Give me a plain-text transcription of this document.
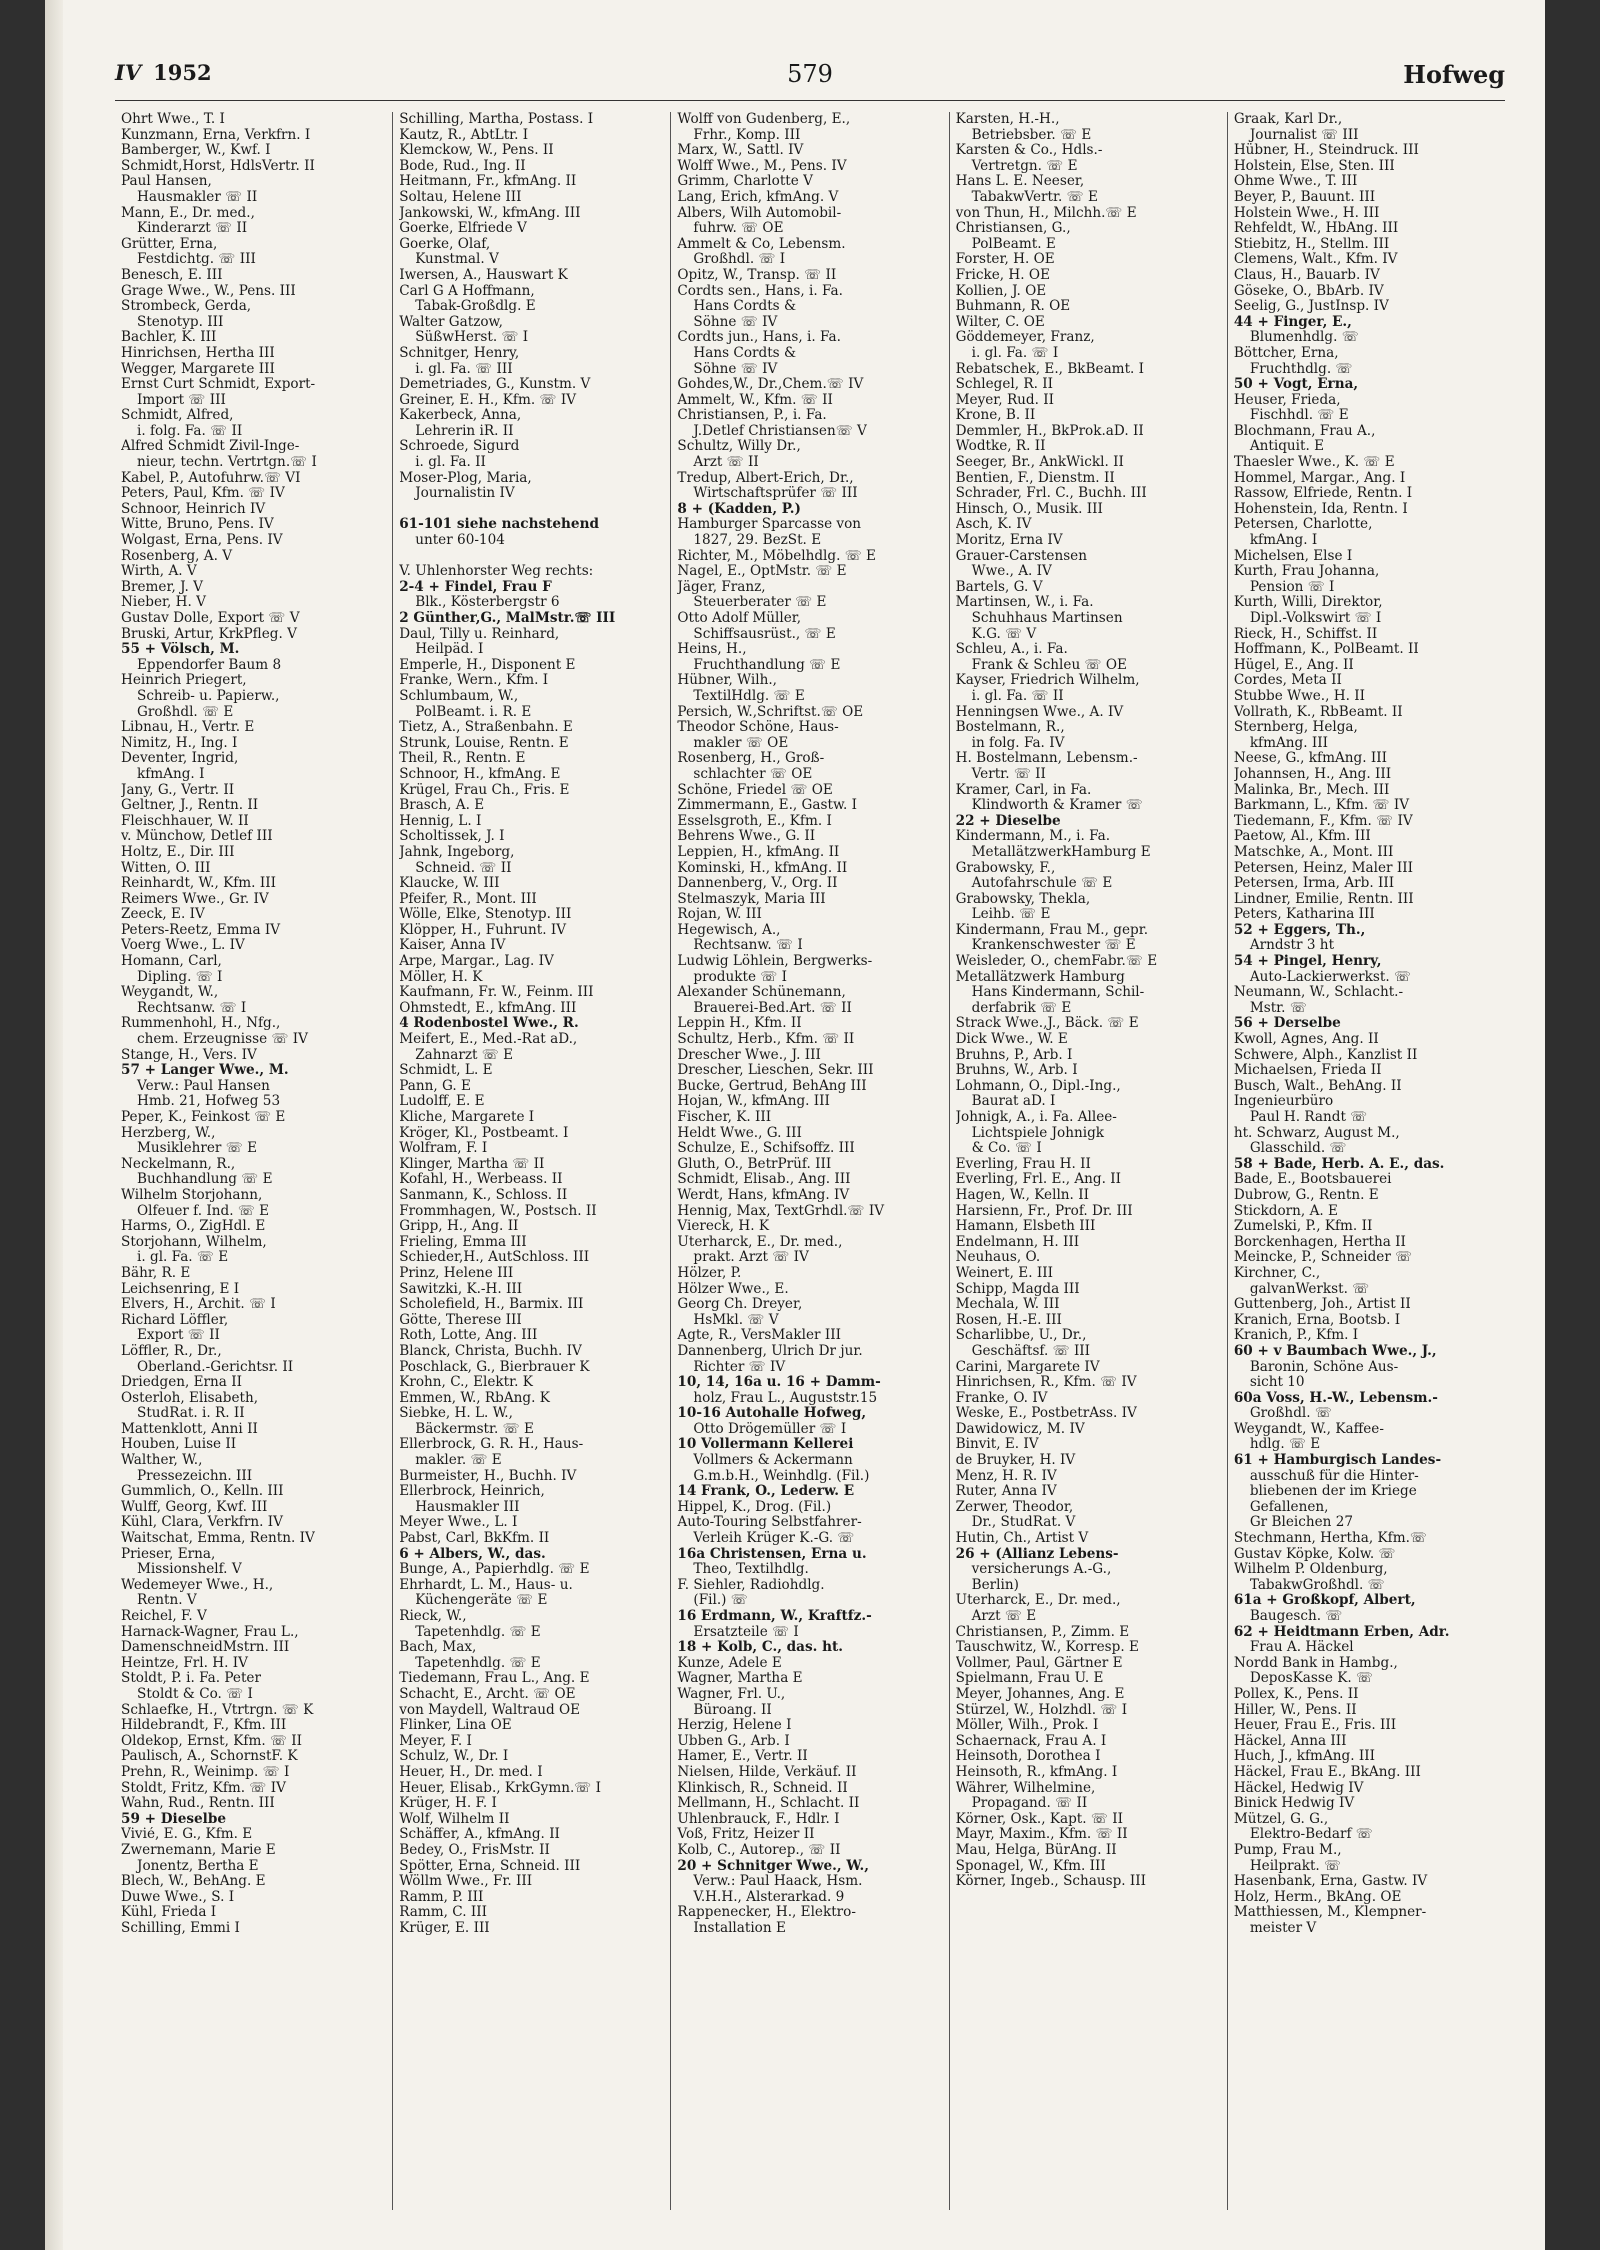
IV 1952	579	Hofweg
Ohrt Wwe., T. I
Kunzmann, Erna, Verkfrn. I
Bamberger, W., Kwf. I
Schmidt,Horst, HdlsVertr. II
Paul Hansen,
Hausmakler ☏ II
Mann, E., Dr. med.,
Kinderarzt ☏ II
Grütter, Erna,
Festdichtg. ☏ III
Benesch, E. III
Grage Wwe., W., Pens. III
Strombeck, Gerda,
Stenotyp. III
Bachler, K. III
Hinrichsen, Hertha III
Wegger, Margarete III
Ernst Curt Schmidt, Export-
Import ☏ III
Schmidt, Alfred,
i. folg. Fa. ☏ II
Alfred Schmidt Zivil-Inge-
nieur, techn. Vertrtgn.☏ I
Kabel, P., Autofuhrw.☏ VI
Peters, Paul, Kfm. ☏ IV
Schnoor, Heinrich IV
Witte, Bruno, Pens. IV
Wolgast, Erna, Pens. IV
Rosenberg, A. V
Wirth, A. V
Bremer, J. V
Nieber, H. V
Gustav Dolle, Export ☏ V
Bruski, Artur, KrkPfleg. V
55 + Völsch, M.
Eppendorfer Baum 8
Heinrich Priegert,
Schreib- u. Papierw.,
Großhdl. ☏ E
Libnau, H., Vertr. E
Nimitz, H., Ing. I
Deventer, Ingrid,
kfmAng. I
Jany, G., Vertr. II
Geltner, J., Rentn. II
Fleischhauer, W. II
v. Münchow, Detlef III
Holtz, E., Dir. III
Witten, O. III
Reinhardt, W., Kfm. III
Reimers Wwe., Gr. IV
Zeeck, E. IV
Peters-Reetz, Emma IV
Voerg Wwe., L. IV
Homann, Carl,
Dipling. ☏ I
Weygandt, W.,
Rechtsanw. ☏ I
Rummenhohl, H., Nfg.,
chem. Erzeugnisse ☏ IV
Stange, H., Vers. IV
57 + Langer Wwe., M.
Verw.: Paul Hansen
Hmb. 21, Hofweg 53
Peper, K., Feinkost ☏ E
Herzberg, W.,
Musiklehrer ☏ E
Neckelmann, R.,
Buchhandlung ☏ E
Wilhelm Storjohann,
Olfeuer f. Ind. ☏ E
Harms, O., ZigHdl. E
Storjohann, Wilhelm,
i. gl. Fa. ☏ E
Bähr, R. E
Leichsenring, E I
Elvers, H., Archit. ☏ I
Richard Löffler,
Export ☏ II
Löffler, R., Dr.,
Oberland.-Gerichtsr. II
Driedgen, Erna II
Osterloh, Elisabeth,
StudRat. i. R. II
Mattenklott, Anni II
Houben, Luise II
Walther, W.,
Pressezeichn. III
Gummlich, O., Kelln. III
Wulff, Georg, Kwf. III
Kühl, Clara, Verkfrn. IV
Waitschat, Emma, Rentn. IV
Prieser, Erna,
Missionshelf. V
Wedemeyer Wwe., H.,
Rentn. V
Reichel, F. V
Harnack-Wagner, Frau L.,
DamenschneidMstrn. III
Heintze, Frl. H. IV
Stoldt, P. i. Fa. Peter
Stoldt & Co. ☏ I
Schlaefke, H., Vtrtrgn. ☏ K
Hildebrandt, F., Kfm. III
Oldekop, Ernst, Kfm. ☏ II
Paulisch, A., SchornstF. K
Prehn, R., Weinimp. ☏ I
Stoldt, Fritz, Kfm. ☏ IV
Wahn, Rud., Rentn. III
59 + Dieselbe
Vivié, E. G., Kfm. E
Zwernemann, Marie E
Jonentz, Bertha E
Blech, W., BehAng. E
Duwe Wwe., S. I
Kühl, Frieda I
Schilling, Emmi I
Schilling, Martha, Postass. I
Kautz, R., AbtLtr. I
Klemckow, W., Pens. II
Bode, Rud., Ing. II
Heitmann, Fr., kfmAng. II
Soltau, Helene III
Jankowski, W., kfmAng. III
Goerke, Elfriede V
Goerke, Olaf,
Kunstmal. V
Iwersen, A., Hauswart K
Carl G A Hoffmann,
Tabak-Großdlg. E
Walter Gatzow,
SüßwHerst. ☏ I
Schnitger, Henry,
i. gl. Fa. ☏ III
Demetriades, G., Kunstm. V
Greiner, E. H., Kfm. ☏ IV
Kakerbeck, Anna,
Lehrerin iR. II
Schroede, Sigurd
i. gl. Fa. II
Moser-Plog, Maria,
Journalistin IV

61-101 siehe nachstehend
unter 60-104

V. Uhlenhorster Weg rechts:
2-4 + Findel, Frau F
Blk., Kösterbergstr 6
2 Günther,G., MalMstr.☏ III
Daul, Tilly u. Reinhard,
Heilpäd. I
Emperle, H., Disponent E
Franke, Wern., Kfm. I
Schlumbaum, W.,
PolBeamt. i. R. E
Tietz, A., Straßenbahn. E
Strunk, Louise, Rentn. E
Theil, R., Rentn. E
Schnoor, H., kfmAng. E
Krügel, Frau Ch., Fris. E
Brasch, A. E
Hennig, L. I
Scholtissek, J. I
Jahnk, Ingeborg,
Schneid. ☏ II
Klaucke, W. III
Pfeifer, R., Mont. III
Wölle, Elke, Stenotyp. III
Klöpper, H., Fuhrunt. IV
Kaiser, Anna IV
Arpe, Margar., Lag. IV
Möller, H. K
Kaufmann, Fr. W., Feinm. III
Ohmstedt, E., kfmAng. III
4 Rodenbostel Wwe., R.
Meifert, E., Med.-Rat aD.,
Zahnarzt ☏ E
Schmidt, L. E
Pann, G. E
Ludolff, E. E
Kliche, Margarete I
Kröger, Kl., Postbeamt. I
Wolfram, F. I
Klinger, Martha ☏ II
Kofahl, H., Werbeass. II
Sanmann, K., Schloss. II
Frommhagen, W., Postsch. II
Gripp, H., Ang. II
Frieling, Emma III
Schieder,H., AutSchloss. III
Prinz, Helene III
Sawitzki, K.-H. III
Scholefield, H., Barmix. III
Götte, Therese III
Roth, Lotte, Ang. III
Blanck, Christa, Buchh. IV
Poschlack, G., Bierbrauer K
Krohn, C., Elektr. K
Emmen, W., RbAng. K
Siebke, H. L. W.,
Bäckermstr. ☏ E
Ellerbrock, G. R. H., Haus-
makler. ☏ E
Burmeister, H., Buchh. IV
Ellerbrock, Heinrich,
Hausmakler III
Meyer Wwe., L. I
Pabst, Carl, BkKfm. II
6 + Albers, W., das.
Bunge, A., Papierhdlg. ☏ E
Ehrhardt, L. M., Haus- u.
Küchengeräte ☏ E
Rieck, W.,
Tapetenhdlg. ☏ E
Bach, Max,
Tapetenhdlg. ☏ E
Tiedemann, Frau L., Ang. E
Schacht, E., Archt. ☏ OE
von Maydell, Waltraud OE
Flinker, Lina OE
Meyer, F. I
Schulz, W., Dr. I
Heuer, H., Dr. med. I
Heuer, Elisab., KrkGymn.☏ I
Krüger, H. F. I
Wolf, Wilhelm II
Schäffer, A., kfmAng. II
Bedey, O., FrisMstr. II
Spötter, Erna, Schneid. III
Wöllm Wwe., Fr. III
Ramm, P. III
Ramm, C. III
Krüger, E. III
Wolff von Gudenberg, E.,
Frhr., Komp. III
Marx, W., Sattl. IV
Wolff Wwe., M., Pens. IV
Grimm, Charlotte V
Lang, Erich, kfmAng. V
Albers, Wilh Automobil-
fuhrw. ☏ OE
Ammelt & Co, Lebensm.
Großhdl. ☏ I
Opitz, W., Transp. ☏ II
Cordts sen., Hans, i. Fa.
Hans Cordts &
Söhne ☏ IV
Cordts jun., Hans, i. Fa.
Hans Cordts &
Söhne ☏ IV
Gohdes,W., Dr.,Chem.☏ IV
Ammelt, W., Kfm. ☏ II
Christiansen, P., i. Fa.
J.Detlef Christiansen☏ V
Schultz, Willy Dr.,
Arzt ☏ II
Tredup, Albert-Erich, Dr.,
Wirtschaftsprüfer ☏ III
8 + (Kadden, P.)
Hamburger Sparcasse von
1827, 29. BezSt. E
Richter, M., Möbelhdlg. ☏ E
Nagel, E., OptMstr. ☏ E
Jäger, Franz,
Steuerberater ☏ E
Otto Adolf Müller,
Schiffsausrüst., ☏ E
Heins, H.,
Fruchthandlung ☏ E
Hübner, Wilh.,
TextilHdlg. ☏ E
Persich, W.,Schriftst.☏ OE
Theodor Schöne, Haus-
makler ☏ OE
Rosenberg, H., Groß-
schlachter ☏ OE
Schöne, Friedel ☏ OE
Zimmermann, E., Gastw. I
Esselsgroth, E., Kfm. I
Behrens Wwe., G. II
Leppien, H., kfmAng. II
Kominski, H., kfmAng. II
Dannenberg, V., Org. II
Stelmaszyk, Maria III
Rojan, W. III
Hegewisch, A.,
Rechtsanw. ☏ I
Ludwig Löhlein, Bergwerks-
produkte ☏ I
Alexander Schünemann,
Brauerei-Bed.Art. ☏ II
Leppin H., Kfm. II
Schultz, Herb., Kfm. ☏ II
Drescher Wwe., J. III
Drescher, Lieschen, Sekr. III
Bucke, Gertrud, BehAng III
Hojan, W., kfmAng. III
Fischer, K. III
Heldt Wwe., G. III
Schulze, E., Schifsoffz. III
Gluth, O., BetrPrüf. III
Schmidt, Elisab., Ang. III
Werdt, Hans, kfmAng. IV
Hennig, Max, TextGrhdl.☏ IV
Viereck, H. K
Uterharck, E., Dr. med.,
prakt. Arzt ☏ IV
Hölzer, P.
Hölzer Wwe., E.
Georg Ch. Dreyer,
HsMkl. ☏ V
Agte, R., VersMakler III
Dannenberg, Ulrich Dr jur.
Richter ☏ IV
10, 14, 16a u. 16 + Damm-
holz, Frau L., Auguststr.15
10-16 Autohalle Hofweg,
Otto Drögemüller ☏ I
10 Vollermann Kellerei
Vollmers & Ackermann
G.m.b.H., Weinhdlg. (Fil.)
14 Frank, O., Lederw. E
Hippel, K., Drog. (Fil.)
Auto-Touring Selbstfahrer-
Verleih Krüger K.-G. ☏
16a Christensen, Erna u.
Theo, Textilhdlg.
F. Siehler, Radiohdlg.
(Fil.) ☏
16 Erdmann, W., Kraftfz.-
Ersatzteile ☏ I
18 + Kolb, C., das. ht.
Kunze, Adele E
Wagner, Martha E
Wagner, Frl. U.,
Büroang. II
Herzig, Helene I
Ubben G., Arb. I
Hamer, E., Vertr. II
Nielsen, Hilde, Verkäuf. II
Klinkisch, R., Schneid. II
Mellmann, H., Schlacht. II
Uhlenbrauck, F., Hdlr. I
Voß, Fritz, Heizer II
Kolb, C., Autorep., ☏ II
20 + Schnitger Wwe., W.,
Verw.: Paul Haack, Hsm.
V.H.H., Alsterarkad. 9
Rappenecker, H., Elektro-
Installation E
Karsten, H.-H.,
Betriebsber. ☏ E
Karsten & Co., Hdls.-
Vertretgn. ☏ E
Hans L. E. Neeser,
TabakwVertr. ☏ E
von Thun, H., Milchh.☏ E
Christiansen, G.,
PolBeamt. E
Forster, H. OE
Fricke, H. OE
Kollien, J. OE
Buhmann, R. OE
Wilter, C. OE
Göddemeyer, Franz,
i. gl. Fa. ☏ I
Rebatschek, E., BkBeamt. I
Schlegel, R. II
Meyer, Rud. II
Krone, B. II
Demmler, H., BkProk.aD. II
Wodtke, R. II
Seeger, Br., AnkWickl. II
Bentien, F., Dienstm. II
Schrader, Frl. C., Buchh. III
Hinsch, O., Musik. III
Asch, K. IV
Moritz, Erna IV
Grauer-Carstensen
Wwe., A. IV
Bartels, G. V
Martinsen, W., i. Fa.
Schuhhaus Martinsen
K.G. ☏ V
Schleu, A., i. Fa.
Frank & Schleu ☏ OE
Kayser, Friedrich Wilhelm,
i. gl. Fa. ☏ II
Henningsen Wwe., A. IV
Bostelmann, R.,
in folg. Fa. IV
H. Bostelmann, Lebensm.-
Vertr. ☏ II
Kramer, Carl, in Fa.
Klindworth & Kramer ☏
22 + Dieselbe
Kindermann, M., i. Fa.
MetallätzwerkHamburg E
Grabowsky, F.,
Autofahrschule ☏ E
Grabowsky, Thekla,
Leihb. ☏ E
Kindermann, Frau M., gepr.
Krankenschwester ☏ E
Weisleder, O., chemFabr.☏ E
Metallätzwerk Hamburg
Hans Kindermann, Schil-
derfabrik ☏ E
Strack Wwe.,J., Bäck. ☏ E
Dick Wwe., W. E
Bruhns, P., Arb. I
Bruhns, W., Arb. I
Lohmann, O., Dipl.-Ing.,
Baurat aD. I
Johnigk, A., i. Fa. Allee-
Lichtspiele Johnigk
& Co. ☏ I
Everling, Frau H. II
Everling, Frl. E., Ang. II
Hagen, W., Kelln. II
Harsienn, Fr., Prof. Dr. III
Hamann, Elsbeth III
Endelmann, H. III
Neuhaus, O.
Weinert, E. III
Schipp, Magda III
Mechala, W. III
Rosen, H.-E. III
Scharlibbe, U., Dr.,
Geschäftsf. ☏ III
Carini, Margarete IV
Hinrichsen, R., Kfm. ☏ IV
Franke, O. IV
Weske, E., PostbetrAss. IV
Dawidowicz, M. IV
Binvit, E. IV
de Bruyker, H. IV
Menz, H. R. IV
Ruter, Anna IV
Zerwer, Theodor,
Dr., StudRat. V
Hutin, Ch., Artist V
26 + (Allianz Lebens-
versicherungs A.-G.,
Berlin)
Uterharck, E., Dr. med.,
Arzt ☏ E
Christiansen, P., Zimm. E
Tauschwitz, W., Korresp. E
Vollmer, Paul, Gärtner E
Spielmann, Frau U. E
Meyer, Johannes, Ang. E
Stürzel, W., Holzhdl. ☏ I
Möller, Wilh., Prok. I
Schaernack, Frau A. I
Heinsoth, Dorothea I
Heinsoth, R., kfmAng. I
Währer, Wilhelmine,
Propagand. ☏ II
Körner, Osk., Kapt. ☏ II
Mayr, Maxim., Kfm. ☏ II
Mau, Helga, BürAng. II
Sponagel, W., Kfm. III
Körner, Ingeb., Schausp. III
Graak, Karl Dr.,
Journalist ☏ III
Hübner, H., Steindruck. III
Holstein, Else, Sten. III
Ohme Wwe., T. III
Beyer, P., Bauunt. III
Holstein Wwe., H. III
Rehfeldt, W., HbAng. III
Stiebitz, H., Stellm. III
Clemens, Walt., Kfm. IV
Claus, H., Bauarb. IV
Göseke, O., BbArb. IV
Seelig, G., JustInsp. IV
44 + Finger, E.,
Blumenhdlg. ☏
Böttcher, Erna,
Fruchthdlg. ☏
50 + Vogt, Erna,
Heuser, Frieda,
Fischhdl. ☏ E
Blochmann, Frau A.,
Antiquit. E
Thaesler Wwe., K. ☏ E
Hommel, Margar., Ang. I
Rassow, Elfriede, Rentn. I
Hohenstein, Ida, Rentn. I
Petersen, Charlotte,
kfmAng. I
Michelsen, Else I
Kurth, Frau Johanna,
Pension ☏ I
Kurth, Willi, Direktor,
Dipl.-Volkswirt ☏ I
Rieck, H., Schiffst. II
Hoffmann, K., PolBeamt. II
Hügel, E., Ang. II
Cordes, Meta II
Stubbe Wwe., H. II
Vollrath, K., RbBeamt. II
Sternberg, Helga,
kfmAng. III
Neese, G., kfmAng. III
Johannsen, H., Ang. III
Malinka, Br., Mech. III
Barkmann, L., Kfm. ☏ IV
Tiedemann, F., Kfm. ☏ IV
Paetow, Al., Kfm. III
Matschke, A., Mont. III
Petersen, Heinz, Maler III
Petersen, Irma, Arb. III
Lindner, Emilie, Rentn. III
Peters, Katharina III
52 + Eggers, Th.,
Arndstr 3 ht
54 + Pingel, Henry,
Auto-Lackierwerkst. ☏
Neumann, W., Schlacht.-
Mstr. ☏
56 + Derselbe
Kwoll, Agnes, Ang. II
Schwere, Alph., Kanzlist II
Michaelsen, Frieda II
Busch, Walt., BehAng. II
Ingenieurbüro
Paul H. Randt ☏
ht. Schwarz, August M.,
Glasschild. ☏
58 + Bade, Herb. A. E., das.
Bade, E., Bootsbauerei
Dubrow, G., Rentn. E
Stickdorn, A. E
Zumelski, P., Kfm. II
Borckenhagen, Hertha II
Meincke, P., Schneider ☏
Kirchner, C.,
galvanWerkst. ☏
Guttenberg, Joh., Artist II
Kranich, Erna, Bootsb. I
Kranich, P., Kfm. I
60 + v Baumbach Wwe., J.,
Baronin, Schöne Aus-
sicht 10
60a Voss, H.-W., Lebensm.-
Großhdl. ☏
Weygandt, W., Kaffee-
hdlg. ☏ E
61 + Hamburgisch Landes-
ausschuß für die Hinter-
bliebenen der im Kriege
Gefallenen,
Gr Bleichen 27
Stechmann, Hertha, Kfm.☏
Gustav Köpke, Kolw. ☏
Wilhelm P. Oldenburg,
TabakwGroßhdl. ☏
61a + Großkopf, Albert,
Baugesch. ☏
62 + Heidtmann Erben, Adr.
Frau A. Häckel
Nordd Bank in Hambg.,
DeposKasse K. ☏
Pollex, K., Pens. II
Hiller, W., Pens. II
Heuer, Frau E., Fris. III
Häckel, Anna III
Huch, J., kfmAng. III
Häckel, Frau E., BkAng. III
Häckel, Hedwig IV
Binick Hedwig IV
Mützel, G. G.,
Elektro-Bedarf ☏
Pump, Frau M.,
Heilprakt. ☏
Hasenbank, Erna, Gastw. IV
Holz, Herm., BkAng. OE
Matthiessen, M., Klempner-
meister V
